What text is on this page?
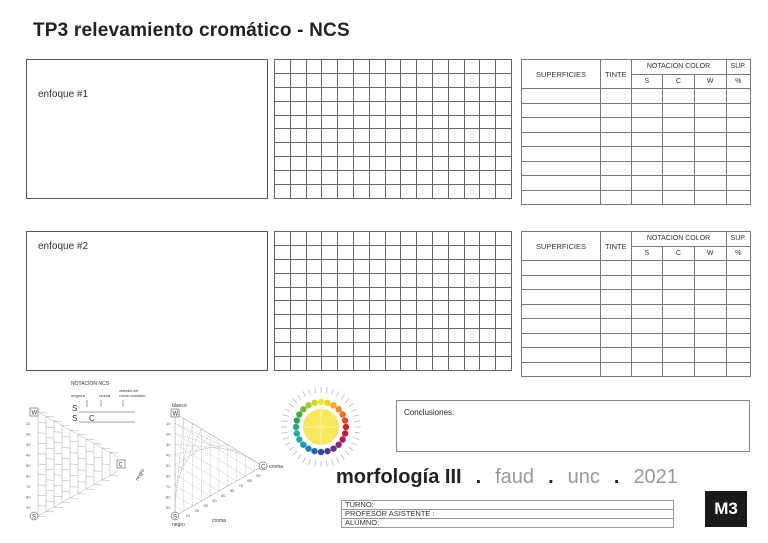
TP3 relevamiento cromático - NCS
enfoque #1

SUPERFICIES	TINTE	NOTACION COLOR			SUP.
		S	C	W	%

enfoque #2

															SUPERFICIES	TINTE	NOTACION COLOR			SUP.
		S	C	W	%

NOTACION NCS
negrura	croma
obtenido del
círculo cromático
S
S C
10
20
30
40
50
60
70
80
90
W
S
C
10
20
30
40
50
60
70
80
90
10
20
30
40
50
60
70
80
90
blanco
W
S
negro
C croma
croma
negro
Conclusiones:
morfología III . faud . unc . 2021
TURNO:
PROFESOR ASISTENTE :
ALUMNO:
M3
